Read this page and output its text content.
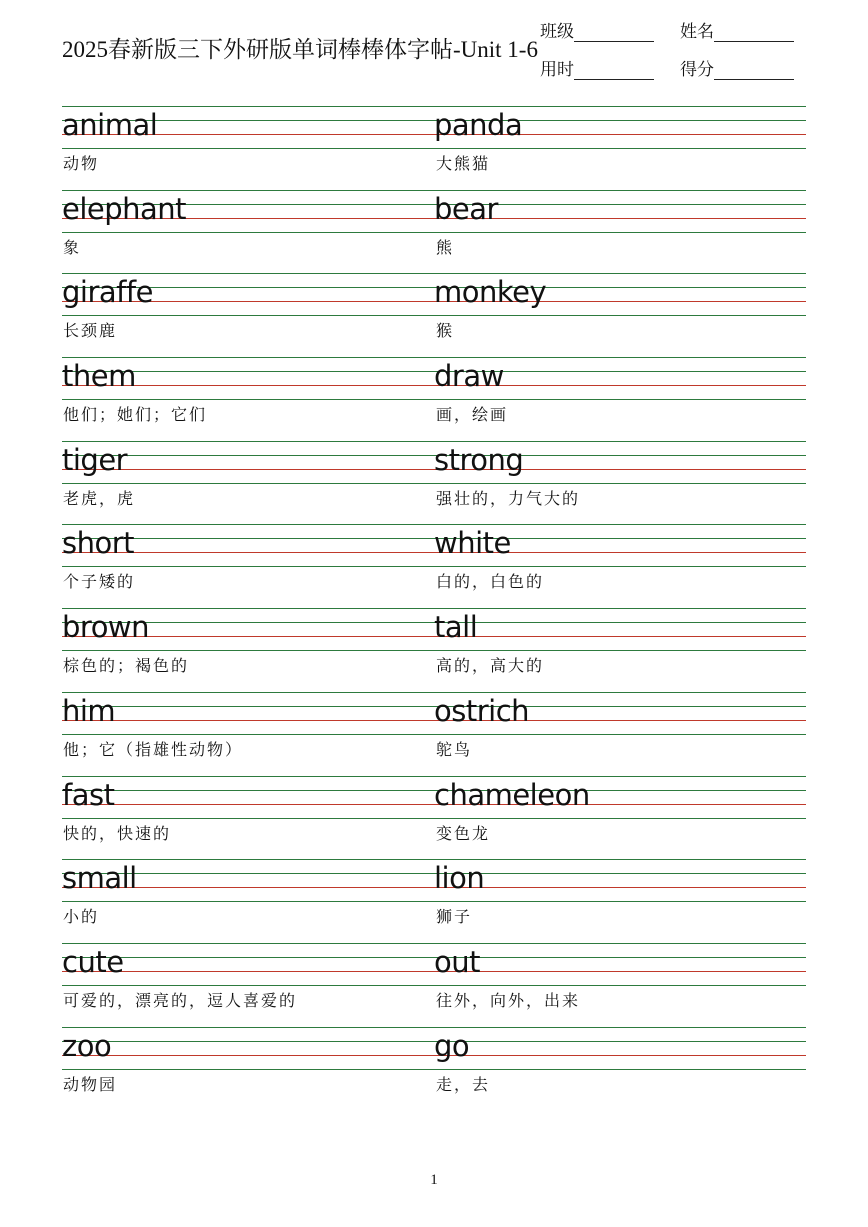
2025春新版三下外研版单词棒棒体字帖-Unit 1-6
班级	姓名
用时	得分
animal
动物
panda
大熊猫
elephant
象
bear
熊
giraffe
长颈鹿
monkey
猴
them
他们；她们；它们
draw
画，绘画
tiger
老虎，虎
strong
强壮的，力气大的
short
个子矮的
white
白的，白色的
brown
棕色的；褐色的
tall
高的，高大的
him
他；它（指雄性动物）
ostrich
鸵鸟
fast
快的，快速的
chameleon
变色龙
small
小的
lion
狮子
cute
可爱的，漂亮的，逗人喜爱的
out
往外，向外，出来
zoo
动物园
go
走，去
1
